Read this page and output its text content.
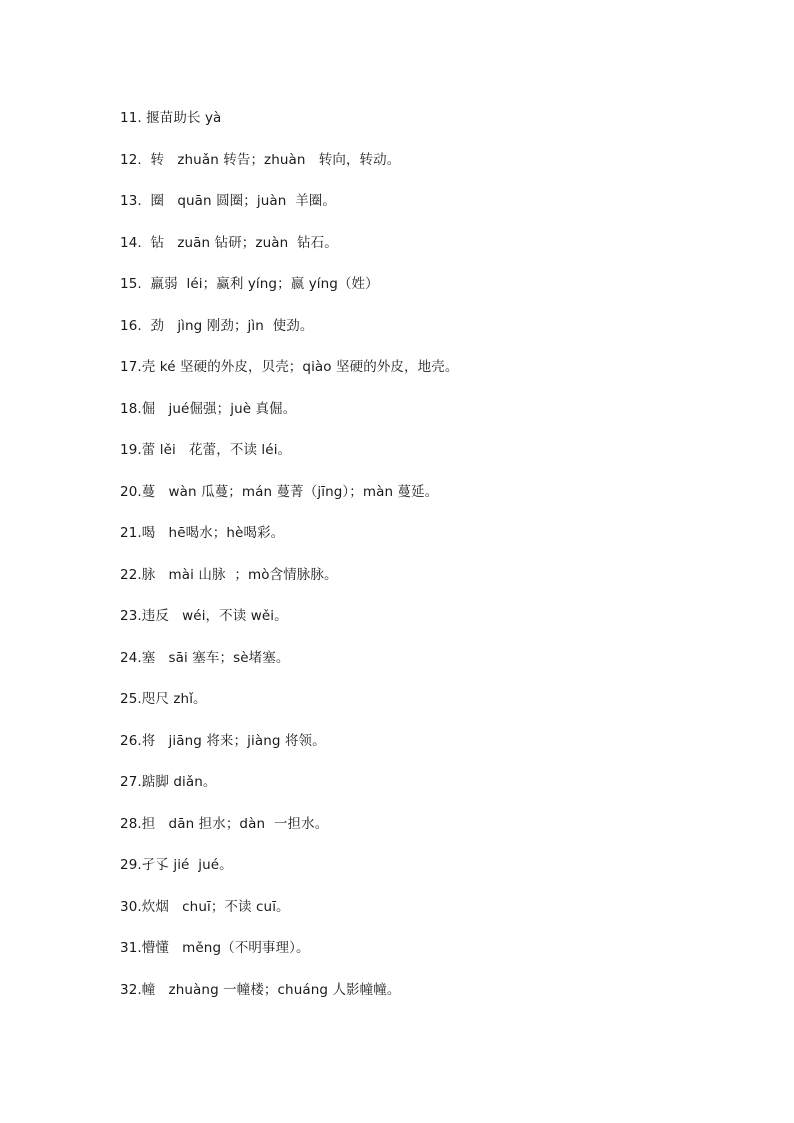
11. 揠苗助长 yà
12.  转   zhuǎn 转告；zhuàn   转向，转动。
13.  圈   quān 圆圈；juàn  羊圈。
14.  钻   zuān 钻研；zuàn  钻石。
15.  羸弱  léi；赢利 yíng；嬴 yíng（姓）
16.  劲   jìng 刚劲；jìn  使劲。
17.壳 ké 坚硬的外皮，贝壳；qiào 坚硬的外皮，地壳。
18.倔   jué倔强；juè 真倔。
19.蕾 lěi   花蕾，不读 léi。
20.蔓   wàn 瓜蔓；mán 蔓菁（jīng）；màn 蔓延。
21.喝   hē喝水；hè喝彩。
22.脉   mài 山脉  ；mò含情脉脉。
23.违反   wéi，不读 wěi。
24.塞   sāi 塞车；sè堵塞。
25.咫尺 zhǐ。
26.将   jiāng 将来；jiàng 将领。
27.踮脚 diǎn。
28.担   dān 担水；dàn  一担水。
29.孑孓 jié  jué。
30.炊烟   chuī；不读 cuī。
31.懵懂   měng（不明事理）。
32.幢   zhuàng 一幢楼；chuáng 人影幢幢。
